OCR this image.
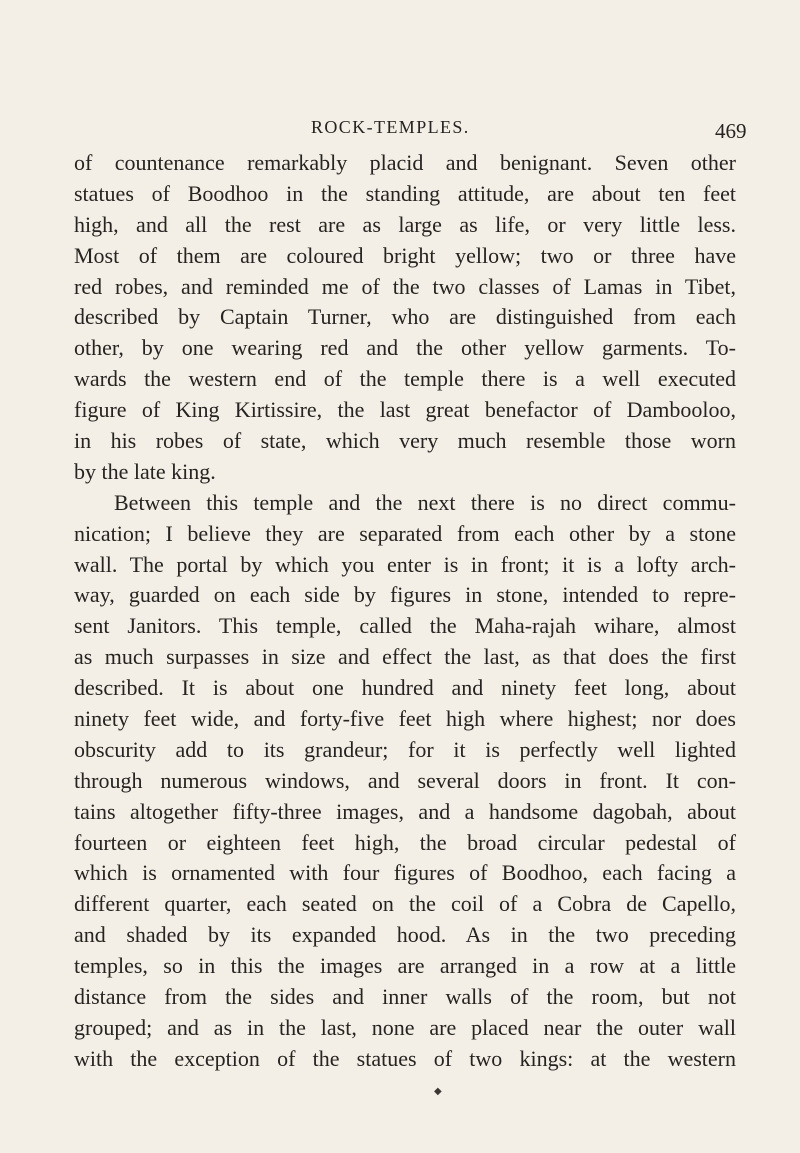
ROCK-TEMPLES.	469
of countenance remarkably placid and benignant. Seven other
statues of Boodhoo in the standing attitude, are about ten feet
high, and all the rest are as large as life, or very little less.
Most of them are coloured bright yellow; two or three have
red robes, and reminded me of the two classes of Lamas in Tibet,
described by Captain Turner, who are distinguished from each
other, by one wearing red and the other yellow garments. To-
wards the western end of the temple there is a well executed
figure of King Kirtissire, the last great benefactor of Dambooloo,
in his robes of state, which very much resemble those worn
by the late king.
Between this temple and the next there is no direct commu-
nication; I believe they are separated from each other by a stone
wall. The portal by which you enter is in front; it is a lofty arch-
way, guarded on each side by figures in stone, intended to repre-
sent Janitors. This temple, called the Maha-rajah wihare, almost
as much surpasses in size and effect the last, as that does the first
described. It is about one hundred and ninety feet long, about
ninety feet wide, and forty-five feet high where highest; nor does
obscurity add to its grandeur; for it is perfectly well lighted
through numerous windows, and several doors in front. It con-
tains altogether fifty-three images, and a handsome dagobah, about
fourteen or eighteen feet high, the broad circular pedestal of
which is ornamented with four figures of Boodhoo, each facing a
different quarter, each seated on the coil of a Cobra de Capello,
and shaded by its expanded hood. As in the two preceding
temples, so in this the images are arranged in a row at a little
distance from the sides and inner walls of the room, but not
grouped; and as in the last, none are placed near the outer wall
with the exception of the statues of two kings: at the western
◆
